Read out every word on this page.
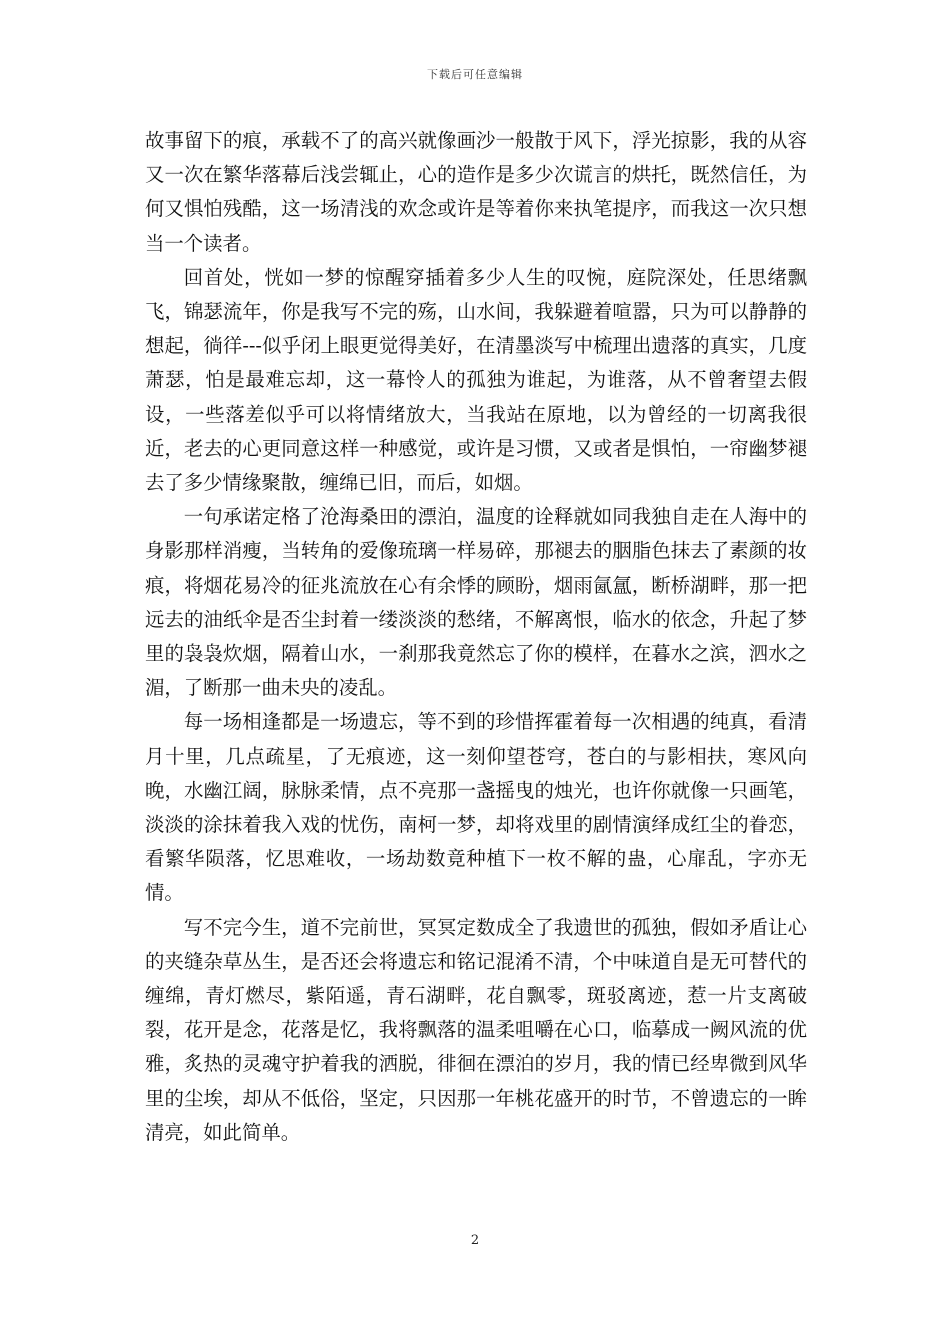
下载后可任意编辑

故事留下的痕，承载不了的高兴就像画沙一般散于风下，浮光掠影，我的从容又一次在繁华落幕后浅尝辄止，心的造作是多少次谎言的烘托，既然信任，为何又惧怕残酷，这一场清浅的欢念或许是等着你来执笔提序，而我这一次只想当一个读者。

回首处，恍如一梦的惊醒穿插着多少人生的叹惋，庭院深处，任思绪飘飞，锦瑟流年，你是我写不完的殇，山水间，我躲避着喧嚣，只为可以静静的想起，徜徉---似乎闭上眼更觉得美好，在清墨淡写中梳理出遗落的真实，几度萧瑟，怕是最难忘却，这一幕怜人的孤独为谁起，为谁落，从不曾奢望去假设，一些落差似乎可以将情绪放大，当我站在原地，以为曾经的一切离我很近，老去的心更同意这样一种感觉，或许是习惯，又或者是惧怕，一帘幽梦褪去了多少情缘聚散，缠绵已旧，而后，如烟。

一句承诺定格了沧海桑田的漂泊，温度的诠释就如同我独自走在人海中的身影那样消瘦，当转角的爱像琉璃一样易碎，那褪去的胭脂色抹去了素颜的妆痕，将烟花易冷的征兆流放在心有余悸的顾盼，烟雨氤氲，断桥湖畔，那一把远去的油纸伞是否尘封着一缕淡淡的愁绪，不解离恨，临水的依念，升起了梦里的袅袅炊烟，隔着山水，一刹那我竟然忘了你的模样，在暮水之滨，泗水之湄，了断那一曲未央的凌乱。

每一场相逢都是一场遗忘，等不到的珍惜挥霍着每一次相遇的纯真，看清月十里，几点疏星，了无痕迹，这一刻仰望苍穹，苍白的与影相扶，寒风向晚，水幽江阔，脉脉柔情，点不亮那一盏摇曳的烛光，也许你就像一只画笔，淡淡的涂抹着我入戏的忧伤，南柯一梦，却将戏里的剧情演绎成红尘的眷恋，看繁华陨落，忆思难收，一场劫数竟种植下一枚不解的蛊，心扉乱，字亦无情。

写不完今生，道不完前世，冥冥定数成全了我遗世的孤独，假如矛盾让心的夹缝杂草丛生，是否还会将遗忘和铭记混淆不清，个中味道自是无可替代的缠绵，青灯燃尽，紫陌遥，青石湖畔，花自飘零，斑驳离迹，惹一片支离破裂，花开是念，花落是忆，我将飘落的温柔咀嚼在心口，临摹成一阙风流的优雅，炙热的灵魂守护着我的洒脱，徘徊在漂泊的岁月，我的情已经卑微到风华里的尘埃，却从不低俗，坚定，只因那一年桃花盛开的时节，不曾遗忘的一眸清亮，如此简单。

2
